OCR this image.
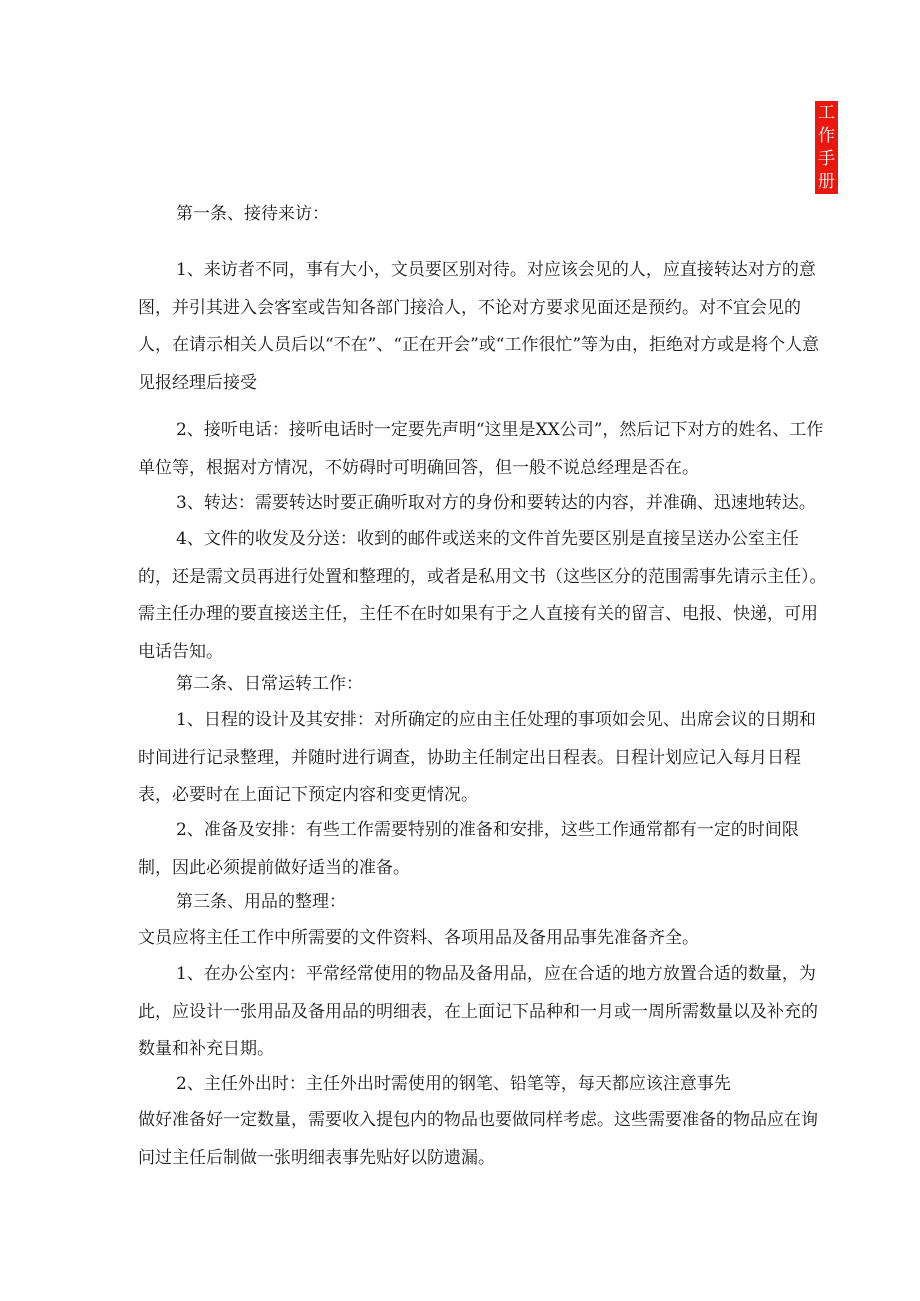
工
作
手
册

第一条、接待来访：

1、来访者不同，事有大小，文员要区别对待。对应该会见的人，应直接转达对方的意图，并引其进入会客室或告知各部门接洽人，不论对方要求见面还是预约。对不宜会见的人，在请示相关人员后以“不在”、“正在开会”或“工作很忙”等为由，拒绝对方或是将个人意见报经理后接受

2、接听电话：接听电话时一定要先声明“这里是XX公司”，然后记下对方的姓名、工作单位等，根据对方情况，不妨碍时可明确回答，但一般不说总经理是否在。

3、转达：需要转达时要正确听取对方的身份和要转达的内容，并准确、迅速地转达。

4、文件的收发及分送：收到的邮件或送来的文件首先要区别是直接呈送办公室主任的，还是需文员再进行处置和整理的，或者是私用文书（这些区分的范围需事先请示主任）。需主任办理的要直接送主任，主任不在时如果有于之人直接有关的留言、电报、快递，可用电话告知。

第二条、日常运转工作：

1、日程的设计及其安排：对所确定的应由主任处理的事项如会见、出席会议的日期和时间进行记录整理，并随时进行调查，协助主任制定出日程表。日程计划应记入每月日程表，必要时在上面记下预定内容和变更情况。

2、准备及安排：有些工作需要特别的准备和安排，这些工作通常都有一定的时间限制，因此必须提前做好适当的准备。

第三条、用品的整理：

文员应将主任工作中所需要的文件资料、各项用品及备用品事先准备齐全。

1、在办公室内：平常经常使用的物品及备用品，应在合适的地方放置合适的数量，为此，应设计一张用品及备用品的明细表，在上面记下品种和一月或一周所需数量以及补充的数量和补充日期。

2、主任外出时：主任外出时需使用的钢笔、铅笔等，每天都应该注意事先

做好准备好一定数量，需要收入提包内的物品也要做同样考虑。这些需要准备的物品应在询问过主任后制做一张明细表事先贴好以防遗漏。
